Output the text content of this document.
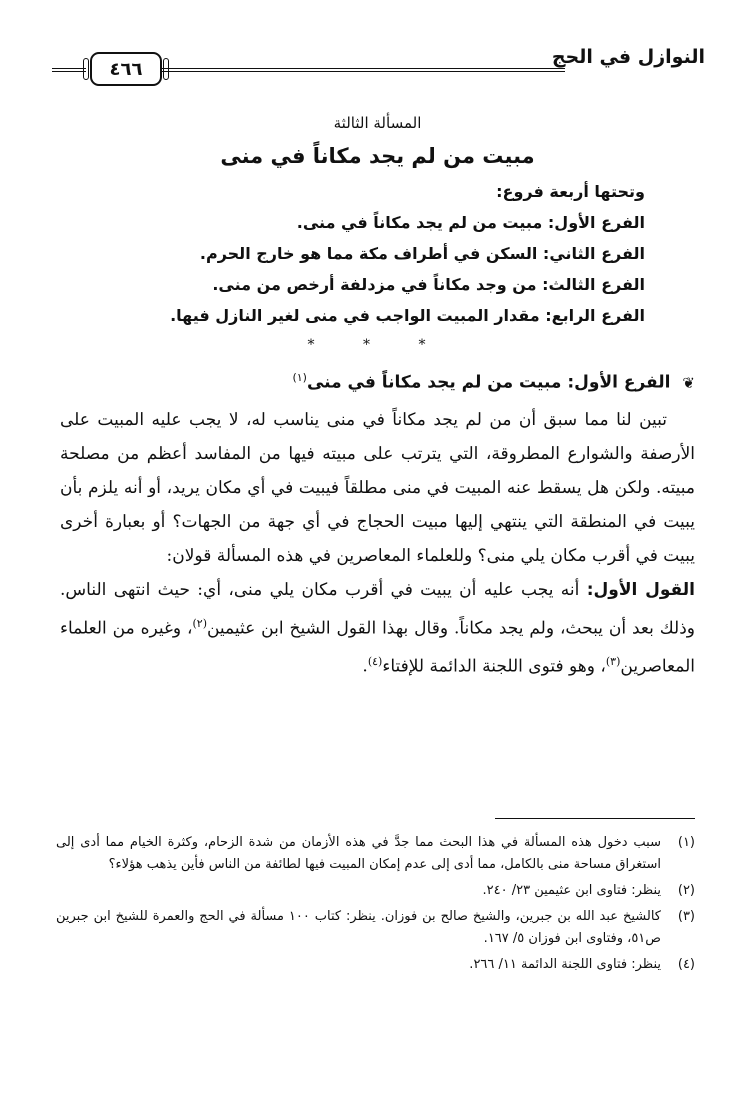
النوازل في الحج
٤٦٦
المسألة الثالثة
مبيت من لم يجد مكاناً في منى
وتحتها أربعة فروع:
الفرع الأول: مبيت من لم يجد مكاناً في منى.
الفرع الثاني: السكن في أطراف مكة مما هو خارج الحرم.
الفرع الثالث: من وجد مكاناً في مزدلفة أرخص من منى.
الفرع الرابع: مقدار المبيت الواجب في منى لغير النازل فيها.
* * *
❦ الفرع الأول: مبيت من لم يجد مكاناً في منى$^{(١)}$

تبين لنا مما سبق أن من لم يجد مكاناً في منى يناسب له، لا يجب عليه المبيت على الأرصفة والشوارع المطروقة، التي يترتب على مبيته فيها من المفاسد أعظم من مصلحة مبيته. ولكن هل يسقط عنه المبيت في منى مطلقاً فيبيت في أي مكان يريد، أو أنه يلزم بأن يبيت في المنطقة التي ينتهي إليها مبيت الحجاج في أي جهة من الجهات؟ أو بعبارة أخرى يبيت في أقرب مكان يلي منى؟ وللعلماء المعاصرين في هذه المسألة قولان:

القول الأول: أنه يجب عليه أن يبيت في أقرب مكان يلي منى، أي: حيث انتهى الناس. وذلك بعد أن يبحث، ولم يجد مكاناً. وقال بهذا القول الشيخ ابن عثيمين$^{(٢)}$، وغيره من العلماء المعاصرين$^{(٣)}$، وهو فتوى اللجنة الدائمة للإفتاء$^{(٤)}$.

(١)
سبب دخول هذه المسألة في هذا البحث مما جدَّ في هذه الأزمان من شدة الزحام، وكثرة الخيام مما أدى إلى استغراق مساحة منى بالكامل، مما أدى إلى عدم إمكان المبيت فيها لطائفة من الناس فأين يذهب هؤلاء؟
(٢)
ينظر: فتاوى ابن عثيمين ٢٣/ ٢٤٠.
(٣)
كالشيخ عبد الله بن جبرين، والشيخ صالح بن فوزان. ينظر: كتاب ١٠٠ مسألة في الحج والعمرة للشيخ ابن جبرين ص٥١، وفتاوى ابن فوزان ٥/ ١٦٧.
(٤)
ينظر: فتاوى اللجنة الدائمة ١١/ ٢٦٦.
